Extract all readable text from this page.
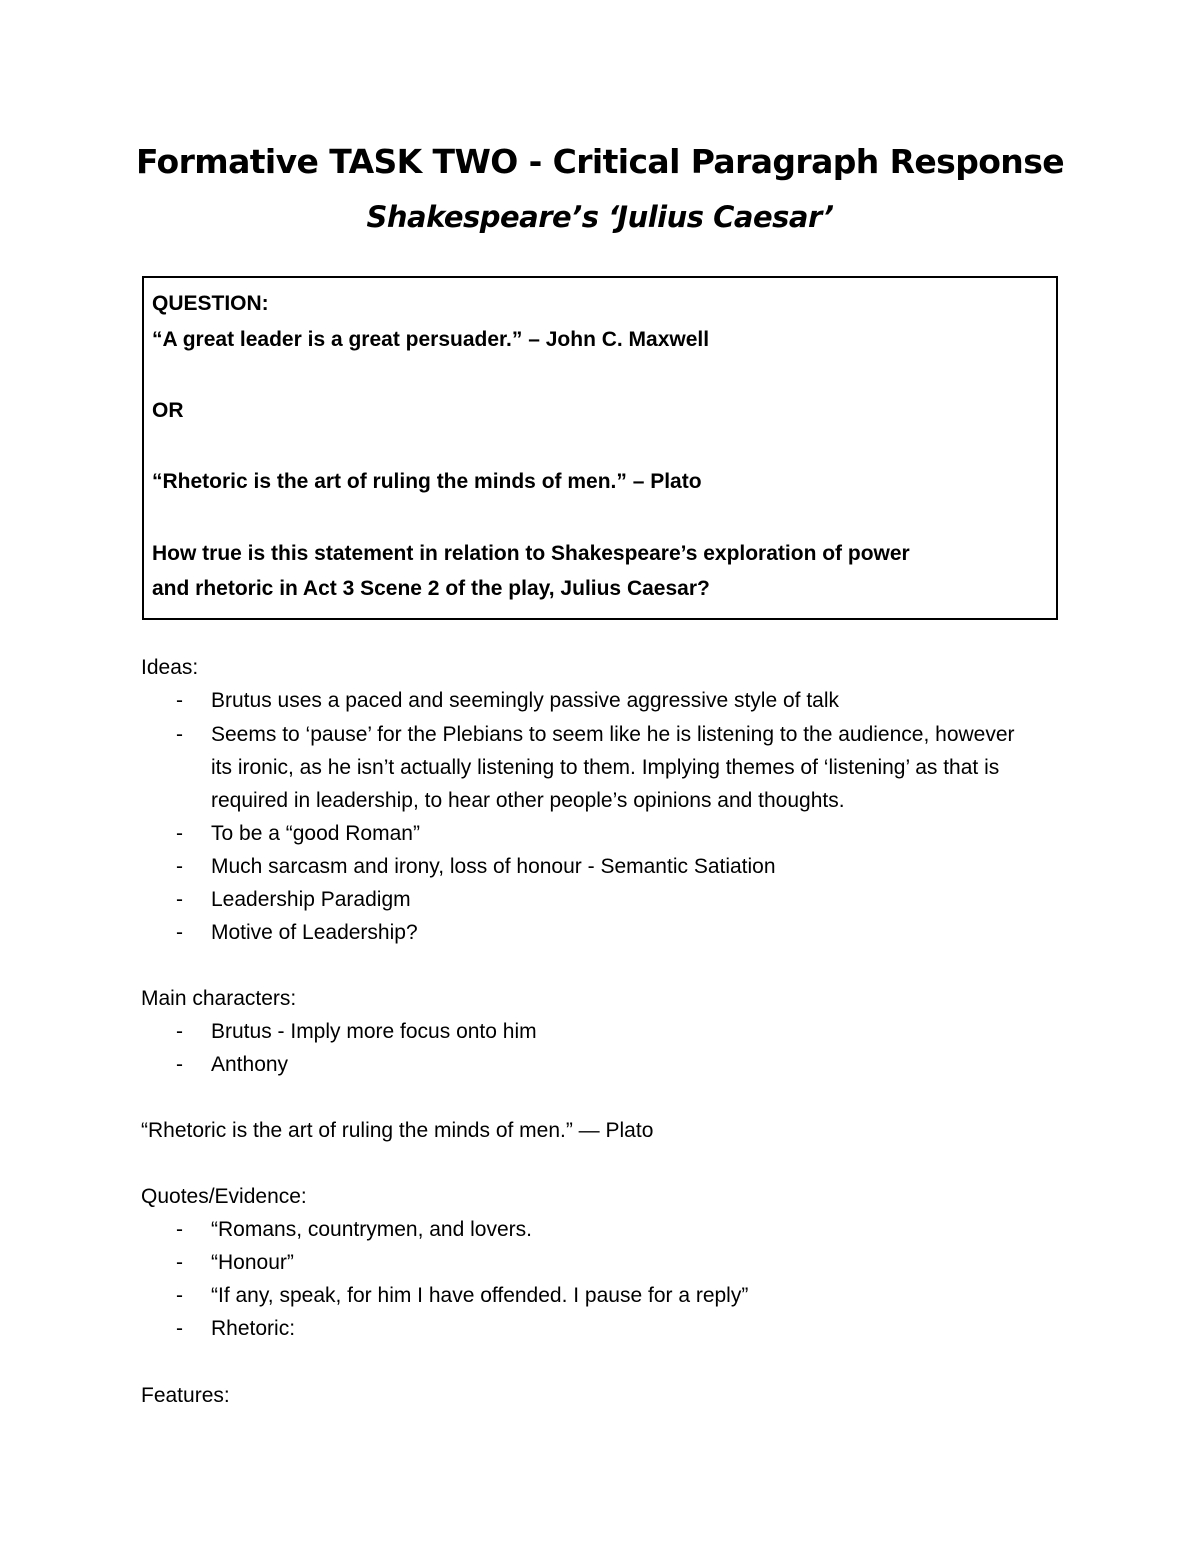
Formative TASK TWO - Critical Paragraph Response
Shakespeare’s ‘Julius Caesar’
QUESTION:
“A great leader is a great persuader.” – John C. Maxwell
OR
“Rhetoric is the art of ruling the minds of men.” – Plato
How true is this statement in relation to Shakespeare’s exploration of power
and rhetoric in Act 3 Scene 2 of the play, Julius Caesar?
Ideas:
- Brutus uses a paced and seemingly passive aggressive style of talk
- Seems to ‘pause’ for the Plebians to seem like he is listening to the audience, however
its ironic, as he isn’t actually listening to them. Implying themes of ‘listening’ as that is
required in leadership, to hear other people’s opinions and thoughts.
- To be a “good Roman”
- Much sarcasm and irony, loss of honour - Semantic Satiation
- Leadership Paradigm
- Motive of Leadership?
Main characters:
- Brutus - Imply more focus onto him
- Anthony
“Rhetoric is the art of ruling the minds of men.” — Plato
Quotes/Evidence:
- “Romans, countrymen, and lovers.
- “Honour”
- “If any, speak, for him I have offended. I pause for a reply”
- Rhetoric:
Features:
